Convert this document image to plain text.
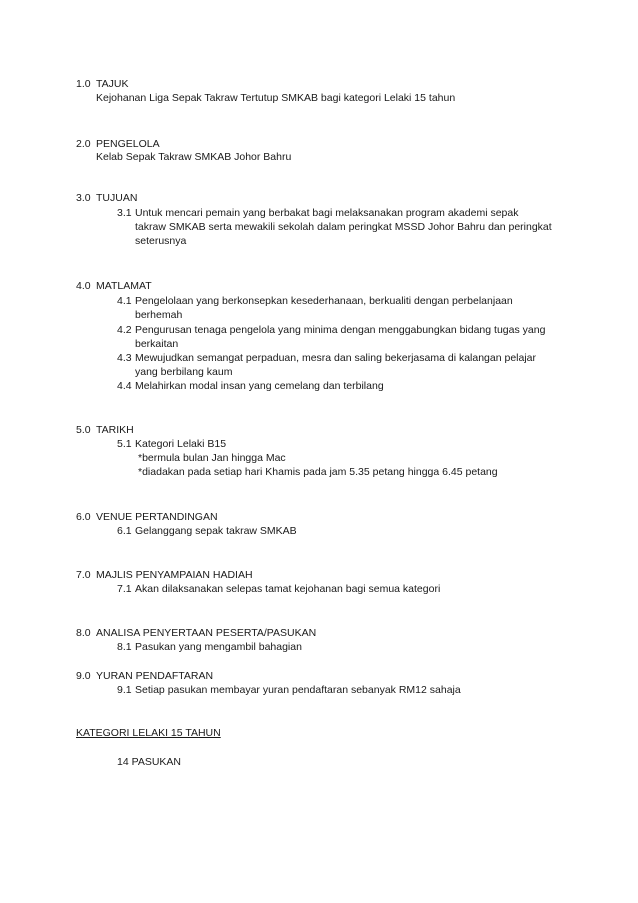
1.0 TAJUK
Kejohanan Liga Sepak Takraw Tertutup SMKAB bagi kategori Lelaki 15 tahun
2.0 PENGELOLA
Kelab Sepak Takraw SMKAB Johor Bahru
3.0 TUJUAN
3.1 Untuk mencari pemain yang berbakat bagi melaksanakan program akademi sepak
takraw SMKAB serta mewakili sekolah dalam peringkat MSSD Johor Bahru dan peringkat
seterusnya
4.0 MATLAMAT
4.1 Pengelolaan yang berkonsepkan kesederhanaan, berkualiti dengan perbelanjaan
berhemah
4.2 Pengurusan tenaga pengelola yang minima dengan menggabungkan bidang tugas yang
berkaitan
4.3 Mewujudkan semangat perpaduan, mesra dan saling bekerjasama di kalangan pelajar
yang berbilang kaum
4.4 Melahirkan modal insan yang cemelang dan terbilang
5.0 TARIKH
5.1 Kategori Lelaki B15
*bermula bulan Jan hingga Mac
*diadakan pada setiap hari Khamis pada jam 5.35 petang hingga 6.45 petang
6.0 VENUE PERTANDINGAN
6.1 Gelanggang sepak takraw SMKAB
7.0 MAJLIS PENYAMPAIAN HADIAH
7.1 Akan dilaksanakan selepas tamat kejohanan bagi semua kategori
8.0 ANALISA PENYERTAAN PESERTA/PASUKAN
8.1 Pasukan yang mengambil bahagian
9.0 YURAN PENDAFTARAN
9.1 Setiap pasukan membayar yuran pendaftaran sebanyak RM12 sahaja
KATEGORI LELAKI 15 TAHUN
14 PASUKAN
